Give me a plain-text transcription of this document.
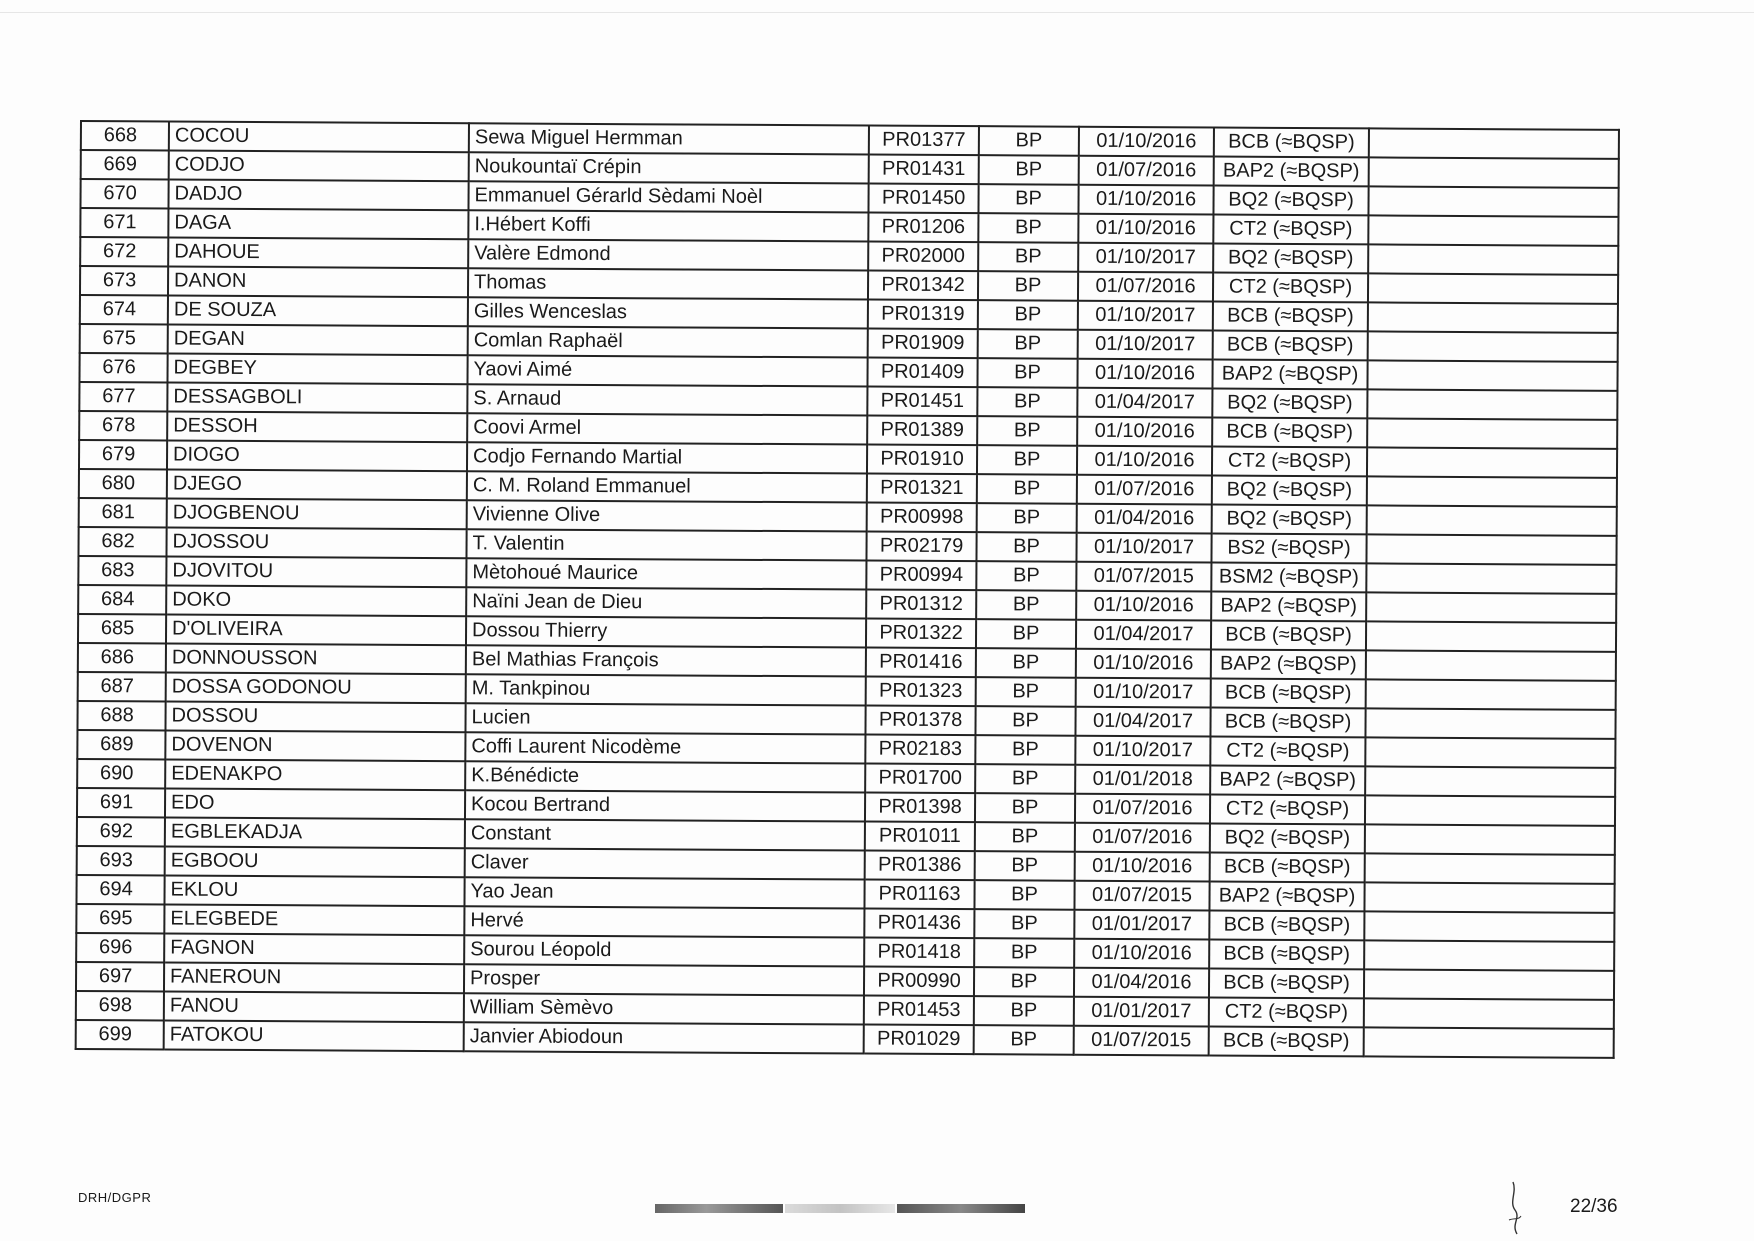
668	COCOU	Sewa Miguel Hermman	PR01377	BP	01/10/2016	BCB (≈BQSP)	
669	CODJO	Noukountaï Crépin	PR01431	BP	01/07/2016	BAP2 (≈BQSP)	
670	DADJO	Emmanuel Gérarld Sèdami Noèl	PR01450	BP	01/10/2016	BQ2 (≈BQSP)	
671	DAGA	I.Hébert Koffi	PR01206	BP	01/10/2016	CT2 (≈BQSP)	
672	DAHOUE	Valère Edmond	PR02000	BP	01/10/2017	BQ2 (≈BQSP)	
673	DANON	Thomas	PR01342	BP	01/07/2016	CT2 (≈BQSP)	
674	DE SOUZA	Gilles Wenceslas	PR01319	BP	01/10/2017	BCB (≈BQSP)	
675	DEGAN	Comlan Raphaël	PR01909	BP	01/10/2017	BCB (≈BQSP)	
676	DEGBEY	Yaovi Aimé	PR01409	BP	01/10/2016	BAP2 (≈BQSP)	
677	DESSAGBOLI	S. Arnaud	PR01451	BP	01/04/2017	BQ2 (≈BQSP)	
678	DESSOH	Coovi Armel	PR01389	BP	01/10/2016	BCB (≈BQSP)	
679	DIOGO	Codjo Fernando Martial	PR01910	BP	01/10/2016	CT2 (≈BQSP)	
680	DJEGO	C. M. Roland Emmanuel	PR01321	BP	01/07/2016	BQ2 (≈BQSP)	
681	DJOGBENOU	Vivienne Olive	PR00998	BP	01/04/2016	BQ2 (≈BQSP)	
682	DJOSSOU	T. Valentin	PR02179	BP	01/10/2017	BS2 (≈BQSP)	
683	DJOVITOU	Mètohoué Maurice	PR00994	BP	01/07/2015	BSM2 (≈BQSP)	
684	DOKO	Naïni Jean de Dieu	PR01312	BP	01/10/2016	BAP2 (≈BQSP)	
685	D'OLIVEIRA	Dossou Thierry	PR01322	BP	01/04/2017	BCB (≈BQSP)	
686	DONNOUSSON	Bel Mathias François	PR01416	BP	01/10/2016	BAP2 (≈BQSP)	
687	DOSSA GODONOU	M. Tankpinou	PR01323	BP	01/10/2017	BCB (≈BQSP)	
688	DOSSOU	Lucien	PR01378	BP	01/04/2017	BCB (≈BQSP)	
689	DOVENON	Coffi Laurent Nicodème	PR02183	BP	01/10/2017	CT2 (≈BQSP)	
690	EDENAKPO	K.Bénédicte	PR01700	BP	01/01/2018	BAP2 (≈BQSP)	
691	EDO	Kocou Bertrand	PR01398	BP	01/07/2016	CT2 (≈BQSP)	
692	EGBLEKADJA	Constant	PR01011	BP	01/07/2016	BQ2 (≈BQSP)	
693	EGBOOU	Claver	PR01386	BP	01/10/2016	BCB (≈BQSP)	
694	EKLOU	Yao Jean	PR01163	BP	01/07/2015	BAP2 (≈BQSP)	
695	ELEGBEDE	Hervé	PR01436	BP	01/01/2017	BCB (≈BQSP)	
696	FAGNON	Sourou Léopold	PR01418	BP	01/10/2016	BCB (≈BQSP)	
697	FANEROUN	Prosper	PR00990	BP	01/04/2016	BCB (≈BQSP)	
698	FANOU	William Sèmèvo	PR01453	BP	01/01/2017	CT2 (≈BQSP)	
699	FATOKOU	Janvier Abiodoun	PR01029	BP	01/07/2015	BCB (≈BQSP)	
DRH/DGPR	22/36
